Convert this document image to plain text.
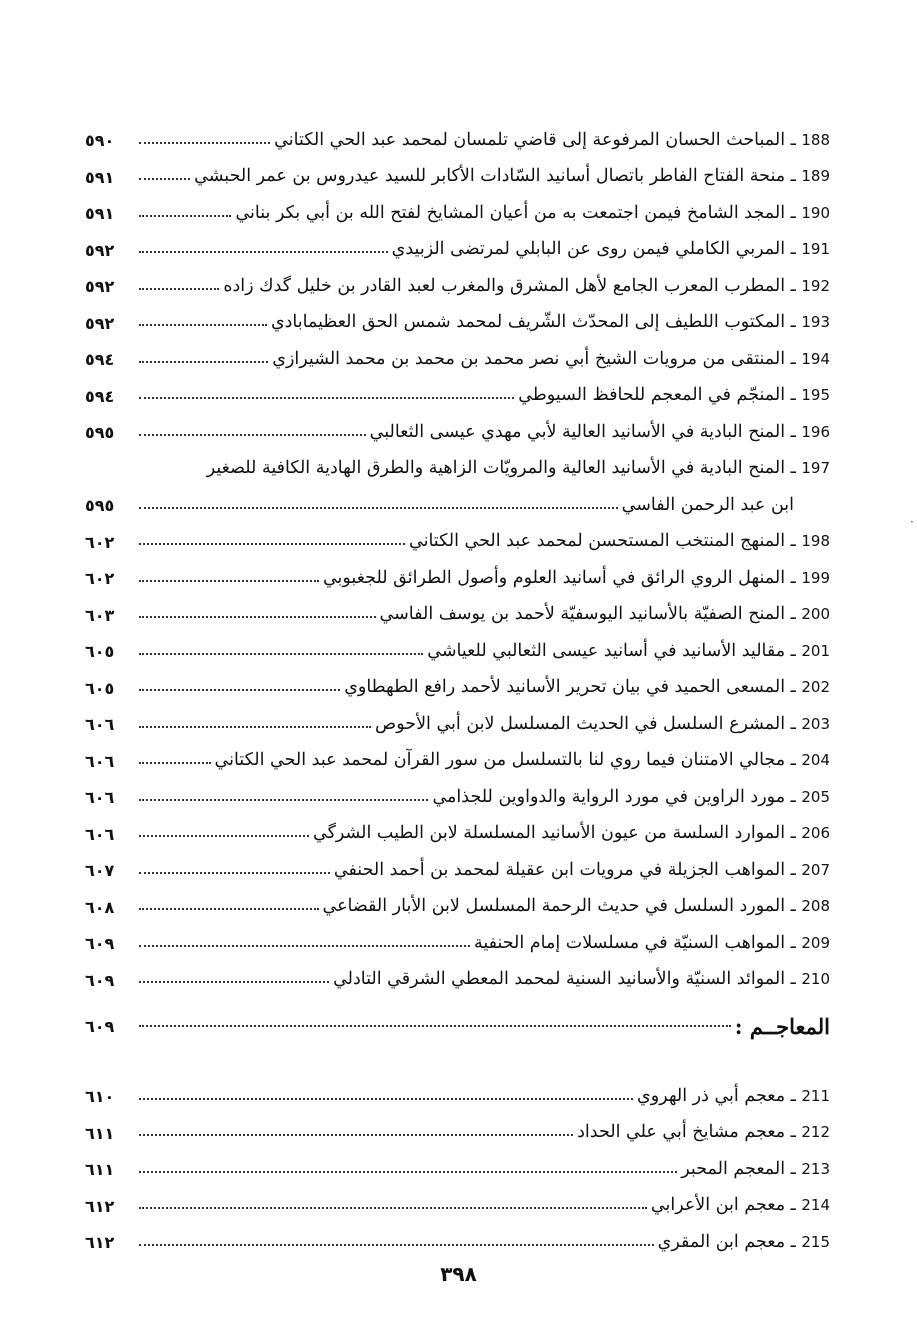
188 ـ المباحث الحسان المرفوعة إلى قاضي تلمسان لمحمد عبد الحي الكتاني
٥٩٠
189 ـ منحة الفتاح الفاطر باتصال أسانيد السّادات الأكابر للسيد عيدروس بن عمر الحبشي
٥٩١
190 ـ المجد الشامخ فيمن اجتمعت به من أعيان المشايخ لفتح الله بن أبي بكر بناني
٥٩١
191 ـ المربي الكاملي فيمن روى عن البابلي لمرتضى الزبيدي
٥٩٢
192 ـ المطرب المعرب الجامع لأهل المشرق والمغرب لعبد القادر بن خليل گدك زاده
٥٩٢
193 ـ المكتوب اللطيف إلى المحدّث الشّريف لمحمد شمس الحق العظيمابادي
٥٩٢
194 ـ المنتقى من مرويات الشيخ أبي نصر محمد بن محمد بن محمد الشيرازي
٥٩٤
195 ـ المنجّم في المعجم للحافظ السيوطي
٥٩٤
196 ـ المنح البادية في الأسانيد العالية لأبي مهدي عيسى الثعالبي
٥٩٥
197 ـ المنح البادية في الأسانيد العالية والمرويّات الزاهية والطرق الهادية الكافية للصغير
ابن عبد الرحمن الفاسي
٥٩٥
198 ـ المنهج المنتخب المستحسن لمحمد عبد الحي الكتاني
٦٠٢
199 ـ المنهل الروي الرائق في أسانيد العلوم وأصول الطرائق للجغبوبي
٦٠٢
200 ـ المنح الصفيّة بالأسانيد اليوسفيّة لأحمد بن يوسف الفاسي
٦٠٣
201 ـ مقاليد الأسانيد في أسانيد عيسى الثعالبي للعياشي
٦٠٥
202 ـ المسعى الحميد في بيان تحرير الأسانيد لأحمد رافع الطهطاوي
٦٠٥
203 ـ المشرع السلسل في الحديث المسلسل لابن أبي الأحوص
٦٠٦
204 ـ مجالي الامتنان فيما روي لنا بالتسلسل من سور القرآن لمحمد عبد الحي الكتاني
٦٠٦
205 ـ مورد الراوين في مورد الرواية والدواوين للجذامي
٦٠٦
206 ـ الموارد السلسة من عيون الأسانيد المسلسلة لابن الطيب الشرگي
٦٠٦
207 ـ المواهب الجزيلة في مرويات ابن عقيلة لمحمد بن أحمد الحنفي
٦٠٧
208 ـ المورد السلسل في حديث الرحمة المسلسل لابن الأبار القضاعي
٦٠٨
209 ـ المواهب السنيّة في مسلسلات إمام الحنفية
٦٠٩
210 ـ الموائد السنيّة والأسانيد السنية لمحمد المعطي الشرقي التادلي
٦٠٩
المعاجــم :
٦٠٩
211 ـ معجم أبي ذر الهروي
٦١٠
212 ـ معجم مشايخ أبي علي الحداد
٦١١
213 ـ المعجم المحبر
٦١١
214 ـ معجم ابن الأعرابي
٦١٢
215 ـ معجم ابن المقري
٦١٢
٣٩٨
·
